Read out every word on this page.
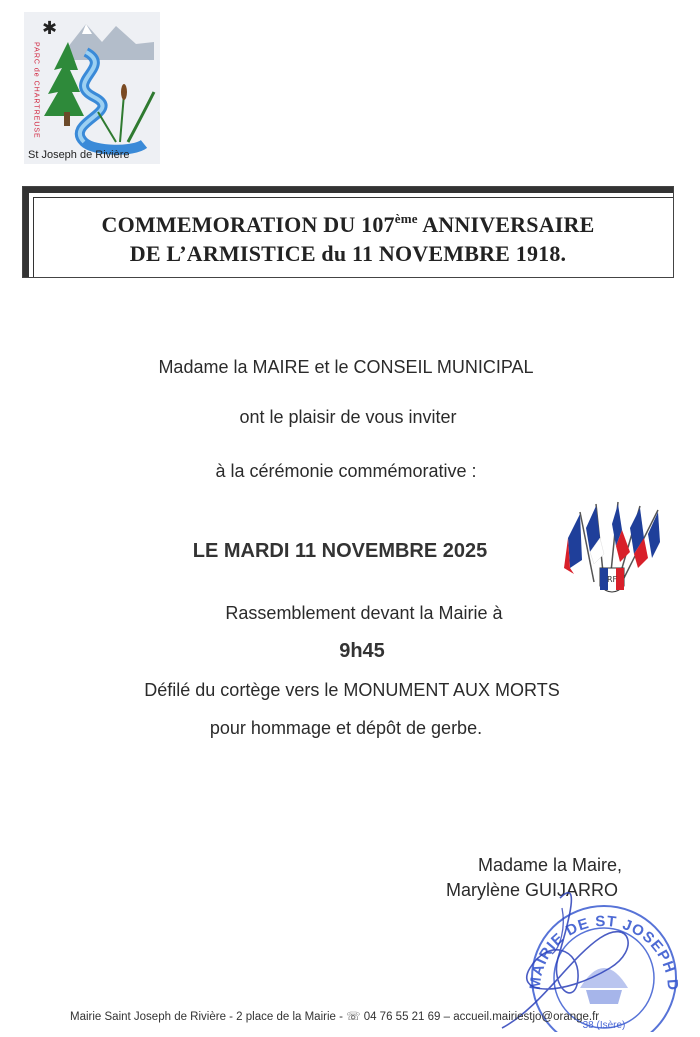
✱
PARC de CHARTREUSE
St Joseph de Rivière
COMMEMORATION DU 107ème ANNIVERSAIRE
DE L’ARMISTICE du 11 NOVEMBRE 1918.
Madame la MAIRE et le CONSEIL MUNICIPAL
ont le plaisir de vous inviter
à la cérémonie commémorative :
RF
LE MARDI 11 NOVEMBRE 2025
Rassemblement devant la Mairie à
9h45
Défilé du cortège vers le MONUMENT AUX MORTS
pour hommage et dépôt de gerbe.
Madame la Maire,
Marylène GUIJARRO
MAIRIE DE ST JOSEPH D
38 (Isère)
Mairie Saint Joseph de Rivière - 2 place de la Mairie - ☏ 04 76 55 21 69 – accueil.mairiestjo@orange.fr
